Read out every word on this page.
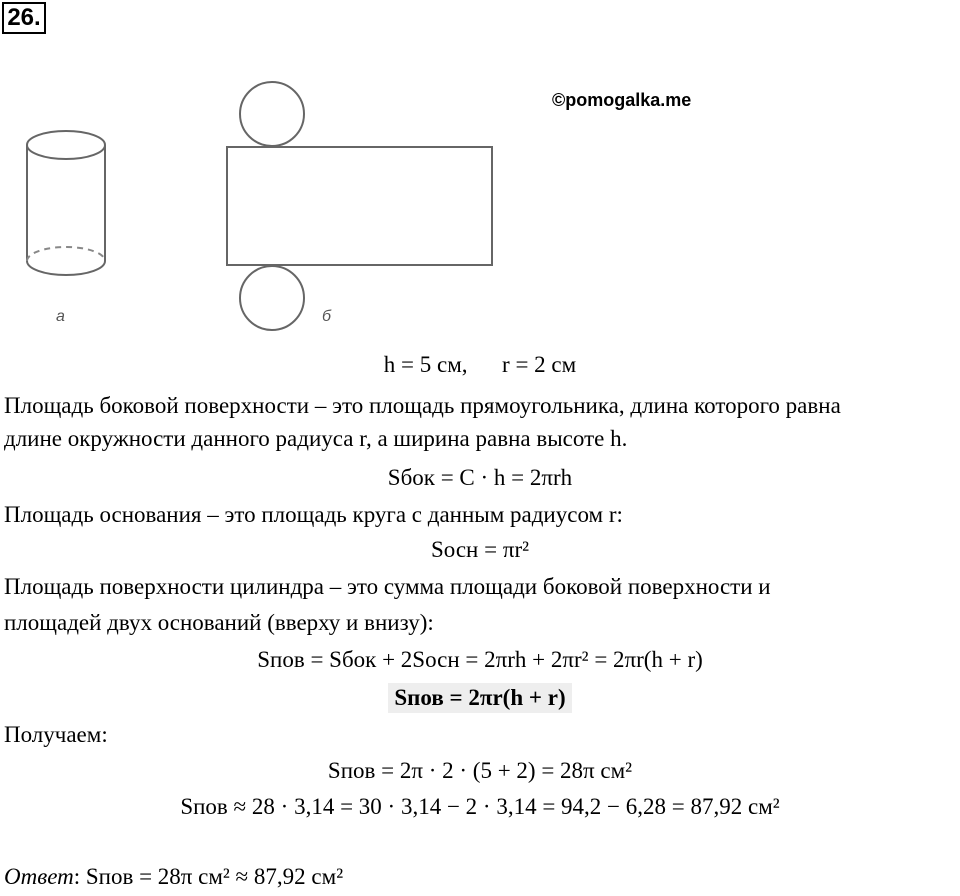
26.
©pomogalka.me
а	б
h = 5 см,      r = 2 см
Площадь боковой поверхности – это площадь прямоугольника, длина которого равна
длине окружности данного радиуса r, а ширина равна высоте h.
Sбок = C · h = 2πrh
Площадь основания – это площадь круга с данным радиусом r:
Sосн = πr²
Площадь поверхности цилиндра – это сумма площади боковой поверхности и
площадей двух оснований (вверху и внизу):
Sпов = Sбок + 2Sосн = 2πrh + 2πr² = 2πr(h + r)
Sпов = 2πr(h + r)
Получаем:
Sпов = 2π · 2 · (5 + 2) = 28π см²
Sпов ≈ 28 · 3,14 = 30 · 3,14 − 2 · 3,14 = 94,2 − 6,28 = 87,92 см²
Ответ: Sпов = 28π см² ≈ 87,92 см²
